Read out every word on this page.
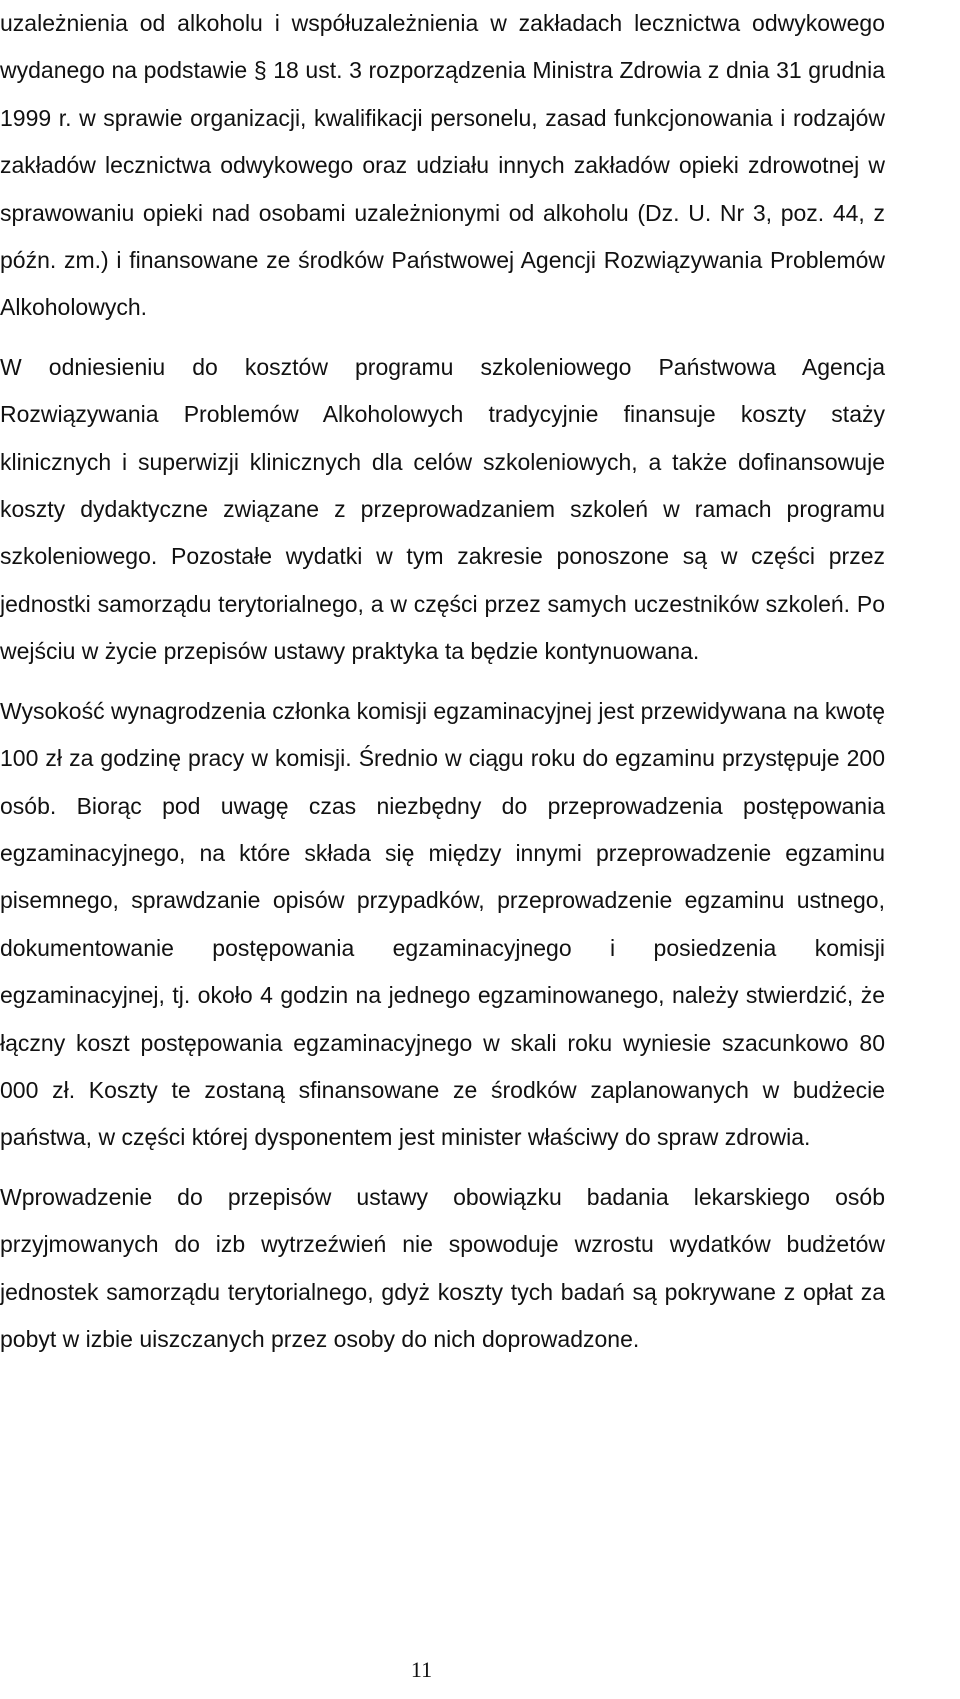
uzależnienia od alkoholu i współuzależnienia w zakładach lecznictwa odwykowego wydanego na podstawie § 18 ust. 3 rozporządzenia Ministra Zdrowia z dnia 31 grudnia 1999 r. w sprawie organizacji, kwalifikacji personelu, zasad funkcjonowania i rodzajów zakładów lecznictwa odwykowego oraz udziału innych zakładów opieki zdrowotnej w sprawowaniu opieki nad osobami uzależnionymi od alkoholu (Dz. U. Nr 3, poz. 44, z późn. zm.) i finansowane ze środków Państwowej Agencji Rozwiązywania Problemów Alkoholowych.

W odniesieniu do kosztów programu szkoleniowego Państwowa Agencja Rozwiązywania Problemów Alkoholowych tradycyjnie finansuje koszty staży klinicznych i superwizji klinicznych dla celów szkoleniowych, a także dofinansowuje koszty dydaktyczne związane z przeprowadzaniem szkoleń w ramach programu szkoleniowego. Pozostałe wydatki w tym zakresie ponoszone są w części przez jednostki samorządu terytorialnego, a w części przez samych uczestników szkoleń. Po wejściu w życie przepisów ustawy praktyka ta będzie kontynuowana.

Wysokość wynagrodzenia członka komisji egzaminacyjnej jest przewidywana na kwotę 100 zł za godzinę pracy w komisji. Średnio w ciągu roku do egzaminu przystępuje 200 osób. Biorąc pod uwagę czas niezbędny do przeprowadzenia postępowania egzaminacyjnego, na które składa się między innymi przeprowadzenie egzaminu pisemnego, sprawdzanie opisów przypadków, przeprowadzenie egzaminu ustnego, dokumentowanie postępowania egzaminacyjnego i posiedzenia komisji egzaminacyjnej, tj. około 4 godzin na jednego egzaminowanego, należy stwierdzić, że łączny koszt postępowania egzaminacyjnego w skali roku wyniesie szacunkowo 80 000 zł. Koszty te zostaną sfinansowane ze środków zaplanowanych w budżecie państwa, w części której dysponentem jest minister właściwy do spraw zdrowia.

Wprowadzenie do przepisów ustawy obowiązku badania lekarskiego osób przyjmowanych do izb wytrzeźwień nie spowoduje wzrostu wydatków budżetów jednostek samorządu terytorialnego, gdyż koszty tych badań są pokrywane z opłat za pobyt w izbie uiszczanych przez osoby do nich doprowadzone.

11
